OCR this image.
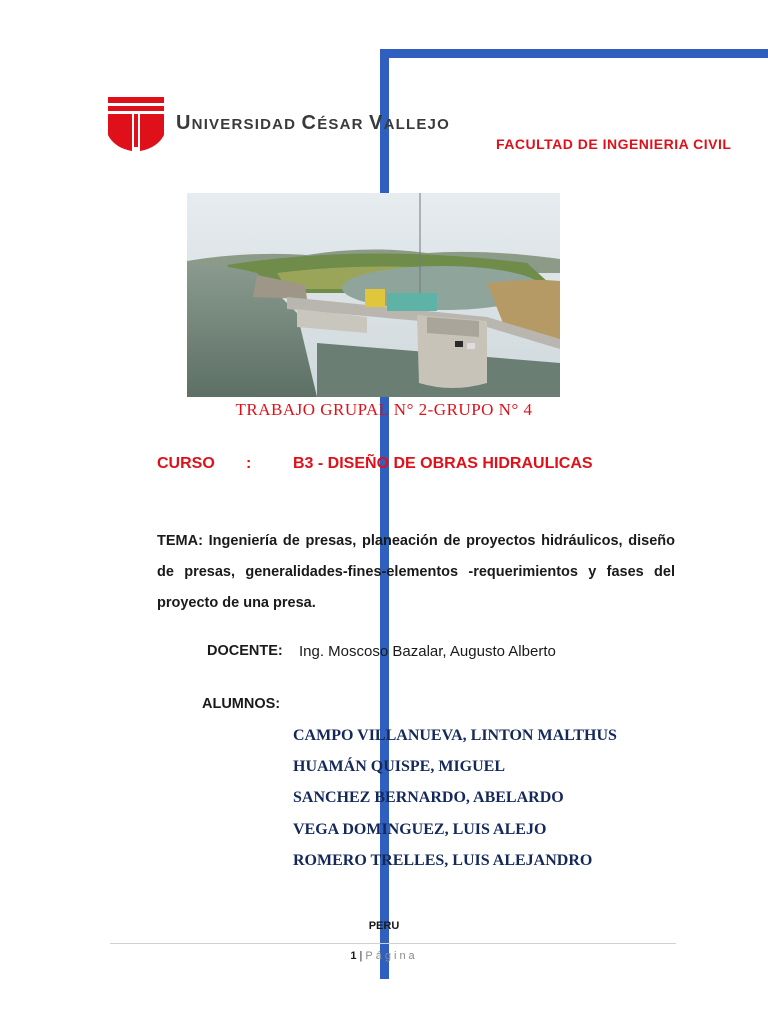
UNIVERSIDAD CÉSAR VALLEJO
FACULTAD DE INGENIERIA CIVIL
TRABAJO GRUPAL N° 2-GRUPO N° 4
CURSO :	B3 - DISEÑO DE OBRAS HIDRAULICAS
TEMA: Ingeniería de presas, planeación de proyectos hidráulicos, diseño de presas, generalidades-fines-elementos -requerimientos y fases del proyecto de una presa.
DOCENTE: Ing. Moscoso Bazalar, Augusto Alberto
ALUMNOS:
CAMPO VILLANUEVA, LINTON MALTHUS
HUAMÁN QUISPE, MIGUEL
SANCHEZ BERNARDO, ABELARDO
VEGA DOMINGUEZ, LUIS ALEJO
ROMERO TRELLES, LUIS ALEJANDRO
PERU
1 | Página
